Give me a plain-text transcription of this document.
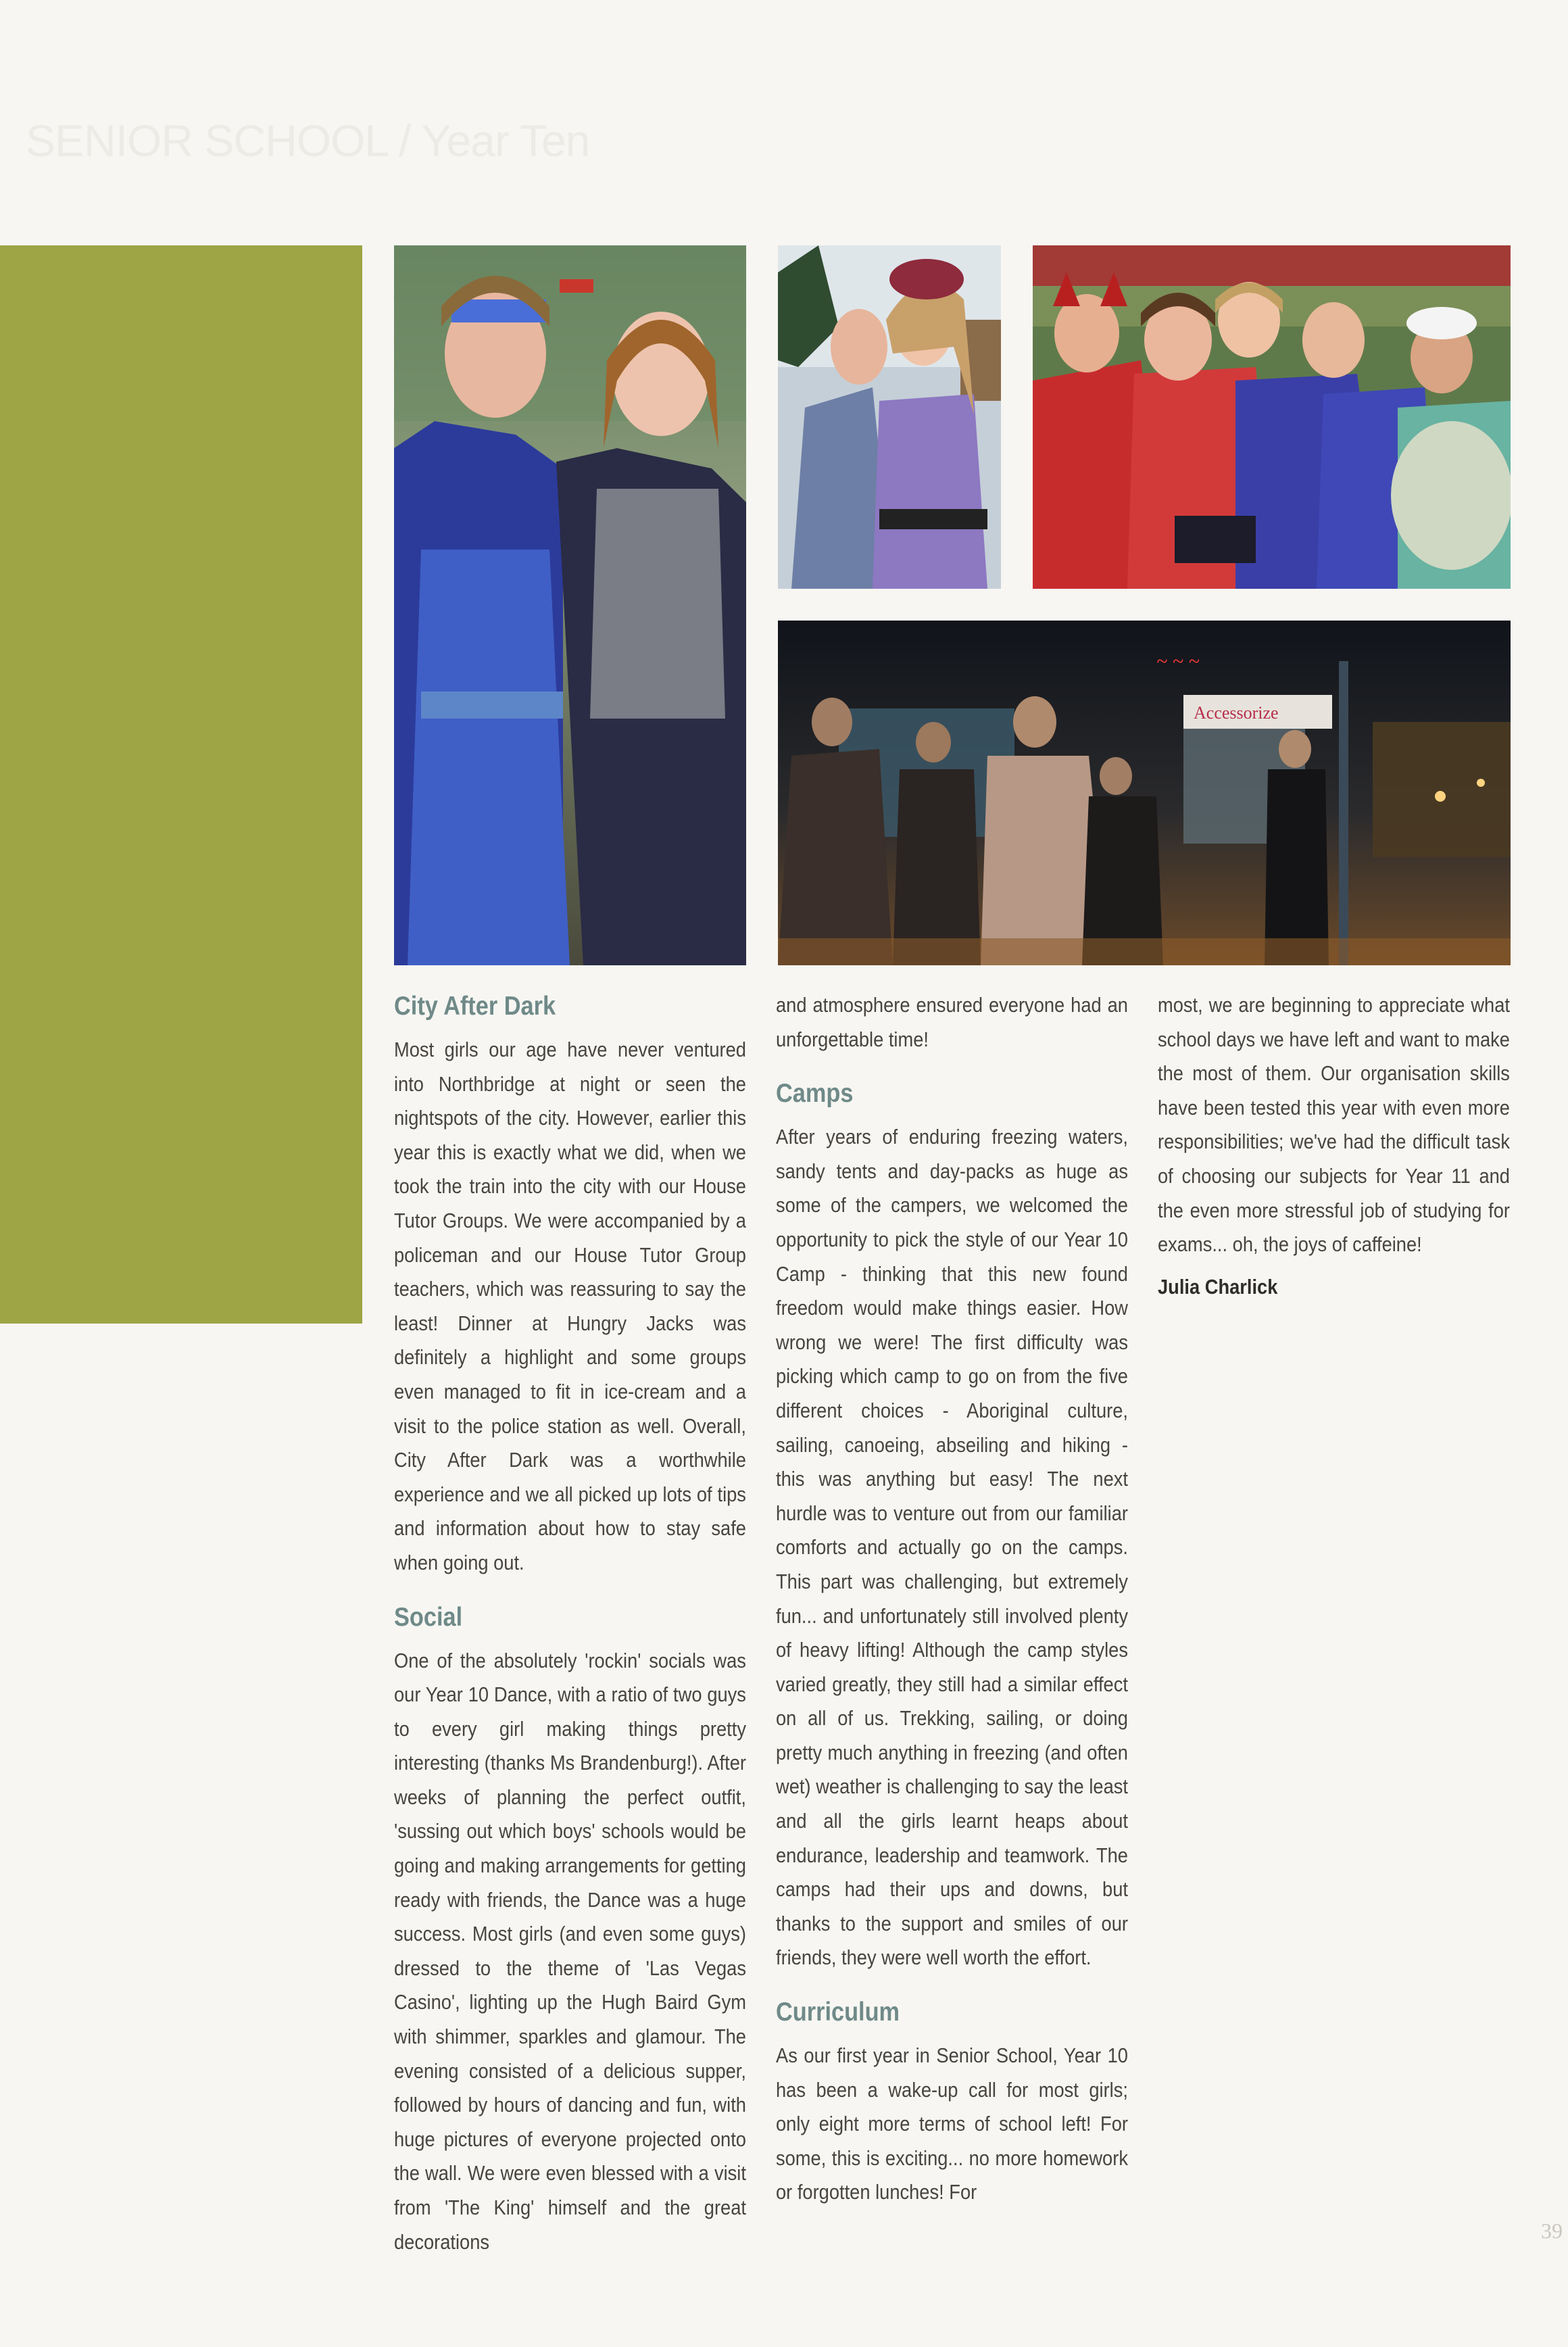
SENIOR SCHOOL / Year Ten
Accessorize
~ ~ ~
City After Dark

Most girls our age have never ventured into Northbridge at night or seen the nightspots of the city. However, earlier this year this is exactly what we did, when we took the train into the city with our House Tutor Groups. We were accompanied by a policeman and our House Tutor Group teachers, which was reassuring to say the least! Dinner at Hungry Jacks was definitely a highlight and some groups even managed to fit in ice-cream and a visit to the police station as well. Overall, City After Dark was a worthwhile experience and we all picked up lots of tips and information about how to stay safe when going out.

Social

One of the absolutely 'rockin' socials was our Year 10 Dance, with a ratio of two guys to every girl making things pretty interesting (thanks Ms Brandenburg!). After weeks of planning the perfect outfit, 'sussing out which boys' schools would be going and making arrangements for getting ready with friends, the Dance was a huge success. Most girls (and even some guys) dressed to the theme of 'Las Vegas Casino', lighting up the Hugh Baird Gym with shimmer, sparkles and glamour. The evening consisted of a delicious supper, followed by hours of dancing and fun, with huge pictures of everyone projected onto the wall. We were even blessed with a visit from 'The King' himself and the great decorations

and atmosphere ensured everyone had an unforgettable time!

Camps

After years of enduring freezing waters, sandy tents and day-packs as huge as some of the campers, we welcomed the opportunity to pick the style of our Year 10 Camp - thinking that this new found freedom would make things easier. How wrong we were! The first difficulty was picking which camp to go on from the five different choices - Aboriginal culture, sailing, canoeing, abseiling and hiking - this was anything but easy! The next hurdle was to venture out from our familiar comforts and actually go on the camps. This part was challenging, but extremely fun... and unfortunately still involved plenty of heavy lifting! Although the camp styles varied greatly, they still had a similar effect on all of us. Trekking, sailing, or doing pretty much anything in freezing (and often wet) weather is challenging to say the least and all the girls learnt heaps about endurance, leadership and teamwork. The camps had their ups and downs, but thanks to the support and smiles of our friends, they were well worth the effort.

Curriculum

As our first year in Senior School, Year 10 has been a wake-up call for most girls; only eight more terms of school left! For some, this is exciting... no more homework or forgotten lunches! For

most, we are beginning to appreciate what school days we have left and want to make the most of them. Our organisation skills have been tested this year with even more responsibilities; we've had the difficult task of choosing our subjects for Year 11 and the even more stressful job of studying for exams... oh, the joys of caffeine!

Julia Charlick
39
